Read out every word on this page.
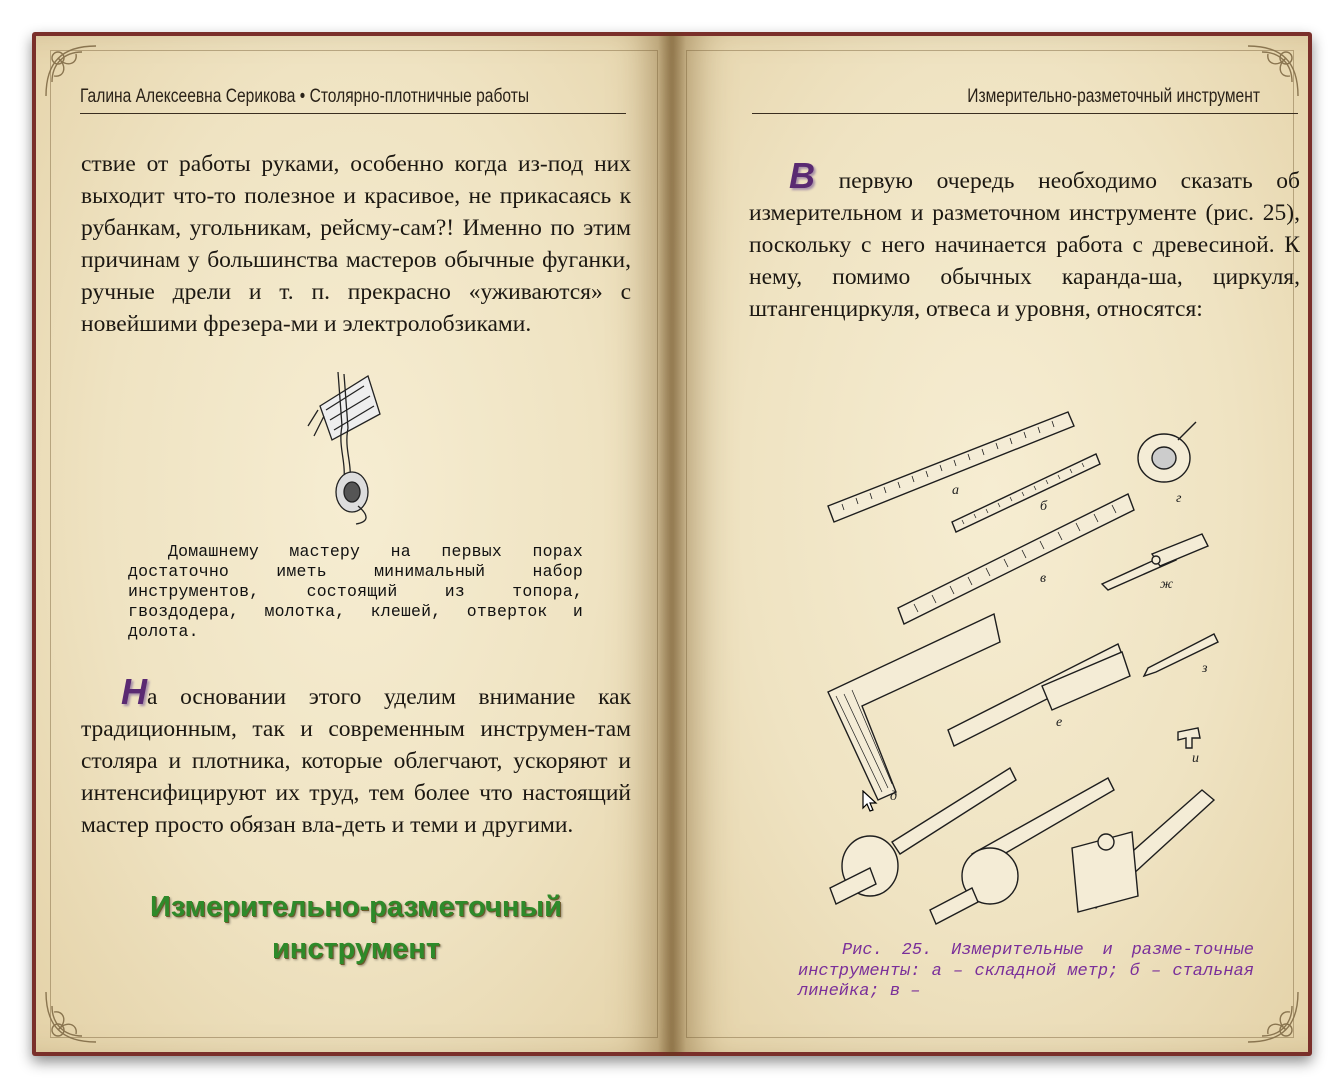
Галина Алексеевна Серикова • Столярно-плотничные работы
ствие от работы руками, особенно когда из-под них выходит что-то полезное и красивое, не прикасаясь к рубанкам, угольникам, рейсму-сам?! Именно по этим причинам у большинства мастеров обычные фуганки, ручные дрели и т. п. прекрасно «уживаются» с новейшими фрезера-ми и электролобзиками.
Домашнему мастеру на первых порах достаточно иметь минимальный набор инструментов, состоящий из топора, гвоздодера, молотка, клешей, отверток и долота.
На основании этого уделим внимание как традиционным, так и современным инструмен-там столяра и плотника, которые облегчают, ускоряют и интенсифицируют их труд, тем более что настоящий мастер просто обязан вла-деть и теми и другими.
Измерительно-разметочный инструмент
Измерительно-разметочный инструмент
В первую очередь необходимо сказать об измерительном и разметочном инструменте (рис. 25), поскольку с него начинается работа с древесиной. К нему, помимо обычных каранда-ша, циркуля, штангенциркуля, отвеса и уровня, относятся:
а
б
в
г
ж
з
е
и
д
Рис. 25. Измерительные и разме-точные инструменты: а – складной метр; б – стальная линейка; в –
